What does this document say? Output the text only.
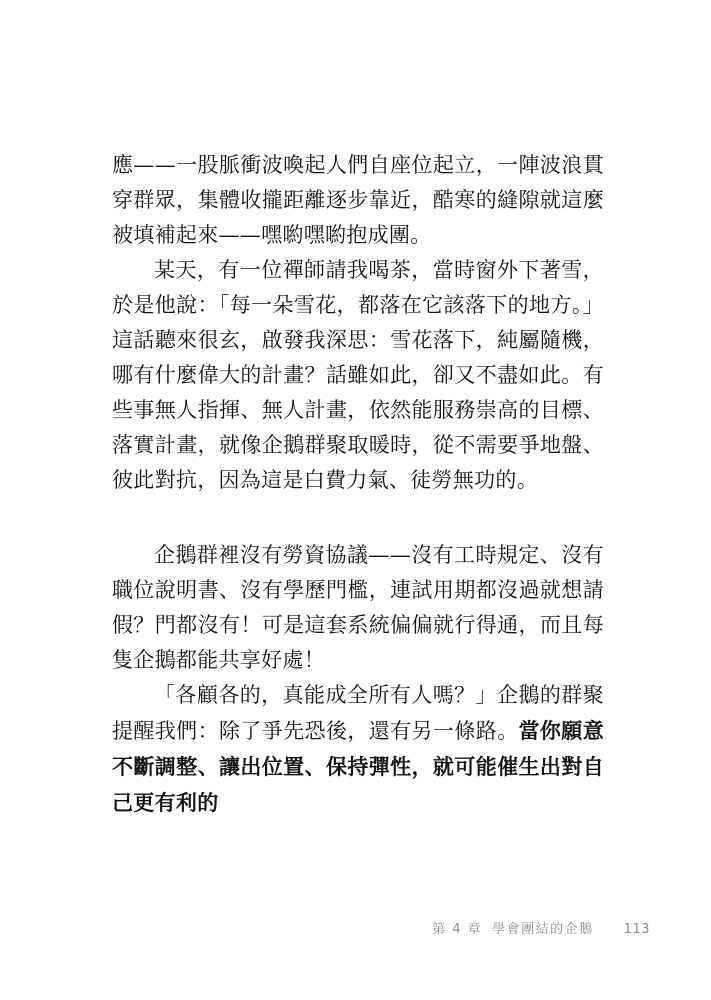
應——一股脈衝波喚起人們自座位起立，一陣波浪貫穿群眾，集體收攏距離逐步靠近，酷寒的縫隙就這麼被填補起來——嘿喲嘿喲抱成團。

某天，有一位禪師請我喝茶，當時窗外下著雪，於是他說：「每一朵雪花，都落在它該落下的地方。」這話聽來很玄，啟發我深思：雪花落下，純屬隨機，哪有什麼偉大的計畫？話雖如此，卻又不盡如此。有些事無人指揮、無人計畫，依然能服務崇高的目標、落實計畫，就像企鵝群聚取暖時，從不需要爭地盤、彼此對抗，因為這是白費力氣、徒勞無功的。

企鵝群裡沒有勞資協議——沒有工時規定、沒有職位說明書、沒有學歷門檻，連試用期都沒過就想請假？門都沒有！可是這套系統偏偏就行得通，而且每隻企鵝都能共享好處！

「各顧各的，真能成全所有人嗎？」企鵝的群聚提醒我們：除了爭先恐後，還有另一條路。當你願意不斷調整、讓出位置、保持彈性，就可能催生出對自己更有利的

第 4 章 學會團結的企鵝 113
